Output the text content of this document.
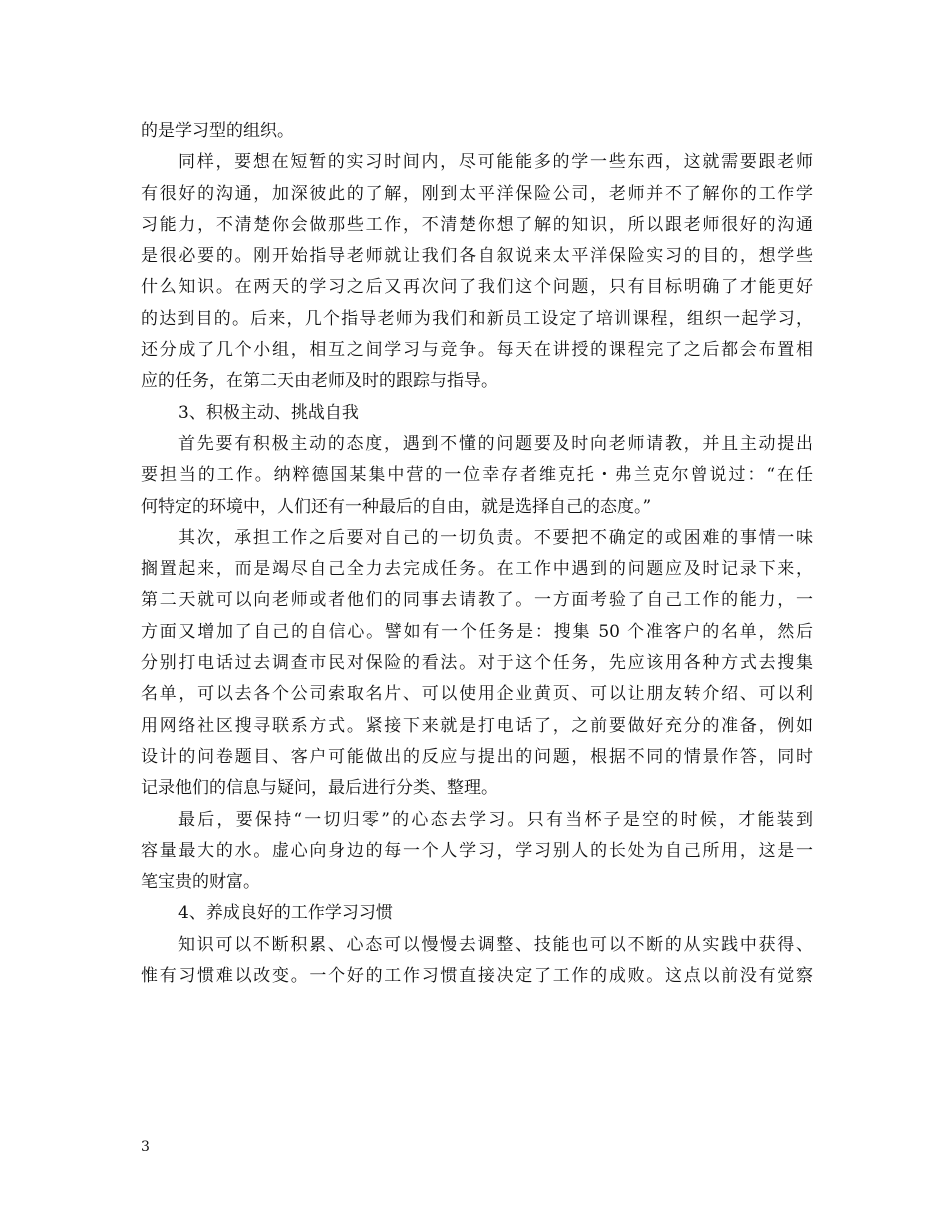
的是学习型的组织。
同样，要想在短暂的实习时间内，尽可能能多的学一些东西，这就需要跟老师
有很好的沟通，加深彼此的了解，刚到太平洋保险公司，老师并不了解你的工作学
习能力，不清楚你会做那些工作，不清楚你想了解的知识，所以跟老师很好的沟通
是很必要的。刚开始指导老师就让我们各自叙说来太平洋保险实习的目的，想学些
什么知识。在两天的学习之后又再次问了我们这个问题，只有目标明确了才能更好
的达到目的。后来，几个指导老师为我们和新员工设定了培训课程，组织一起学习，
还分成了几个小组，相互之间学习与竞争。每天在讲授的课程完了之后都会布置相
应的任务，在第二天由老师及时的跟踪与指导。
3、积极主动、挑战自我
首先要有积极主动的态度，遇到不懂的问题要及时向老师请教，并且主动提出
要担当的工作。纳粹德国某集中营的一位幸存者维克托・弗兰克尔曾说过：“在任
何特定的环境中，人们还有一种最后的自由，就是选择自己的态度。”
其次，承担工作之后要对自己的一切负责。不要把不确定的或困难的事情一味
搁置起来，而是竭尽自己全力去完成任务。在工作中遇到的问题应及时记录下来，
第二天就可以向老师或者他们的同事去请教了。一方面考验了自己工作的能力，一
方面又增加了自己的自信心。譬如有一个任务是：搜集 50 个准客户的名单，然后
分别打电话过去调查市民对保险的看法。对于这个任务，先应该用各种方式去搜集
名单，可以去各个公司索取名片、可以使用企业黄页、可以让朋友转介绍、可以利
用网络社区搜寻联系方式。紧接下来就是打电话了，之前要做好充分的准备，例如
设计的问卷题目、客户可能做出的反应与提出的问题，根据不同的情景作答，同时
记录他们的信息与疑问，最后进行分类、整理。
最后，要保持“一切归零”的心态去学习。只有当杯子是空的时候，才能装到
容量最大的水。虚心向身边的每一个人学习，学习别人的长处为自己所用，这是一
笔宝贵的财富。
4、养成良好的工作学习习惯
知识可以不断积累、心态可以慢慢去调整、技能也可以不断的从实践中获得、
惟有习惯难以改变。一个好的工作习惯直接决定了工作的成败。这点以前没有觉察
3
